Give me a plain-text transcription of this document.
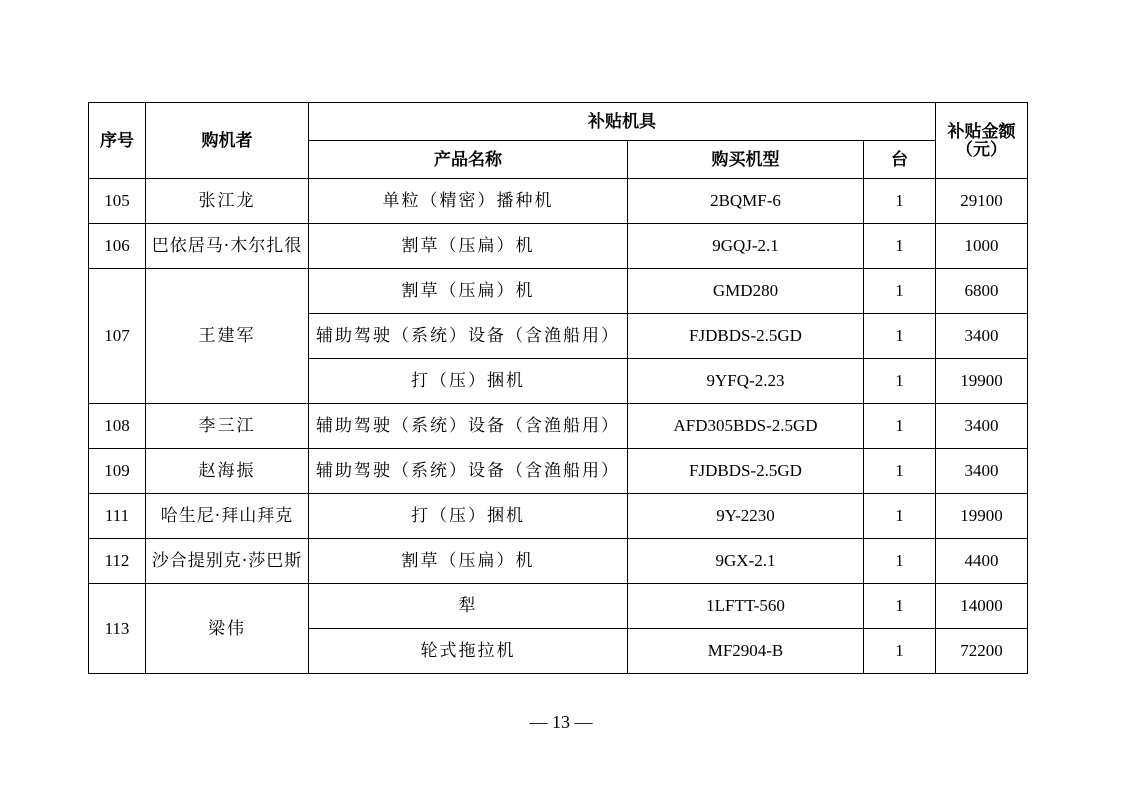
序号	购机者	补贴机具			补贴金额（元）
		产品名称	购买机型	台	
105	张江龙	单粒（精密）播种机	2BQMF-6	1	29100
106	巴依居马·木尔扎很	割草（压扁）机	9GQJ-2.1	1	1000
107	王建军	割草（压扁）机	GMD280	1	6800
		辅助驾驶（系统）设备（含渔船用）	FJDBDS-2.5GD	1	3400
		打（压）捆机	9YFQ-2.23	1	19900
108	李三江	辅助驾驶（系统）设备（含渔船用）	AFD305BDS-2.5GD	1	3400
109	赵海振	辅助驾驶（系统）设备（含渔船用）	FJDBDS-2.5GD	1	3400
111	哈生尼·拜山拜克	打（压）捆机	9Y-2230	1	19900
112	沙合提别克·莎巴斯	割草（压扁）机	9GX-2.1	1	4400
113	梁伟	犁	1LFTT-560	1	14000
		轮式拖拉机	MF2904-B	1	72200
— 13 —
